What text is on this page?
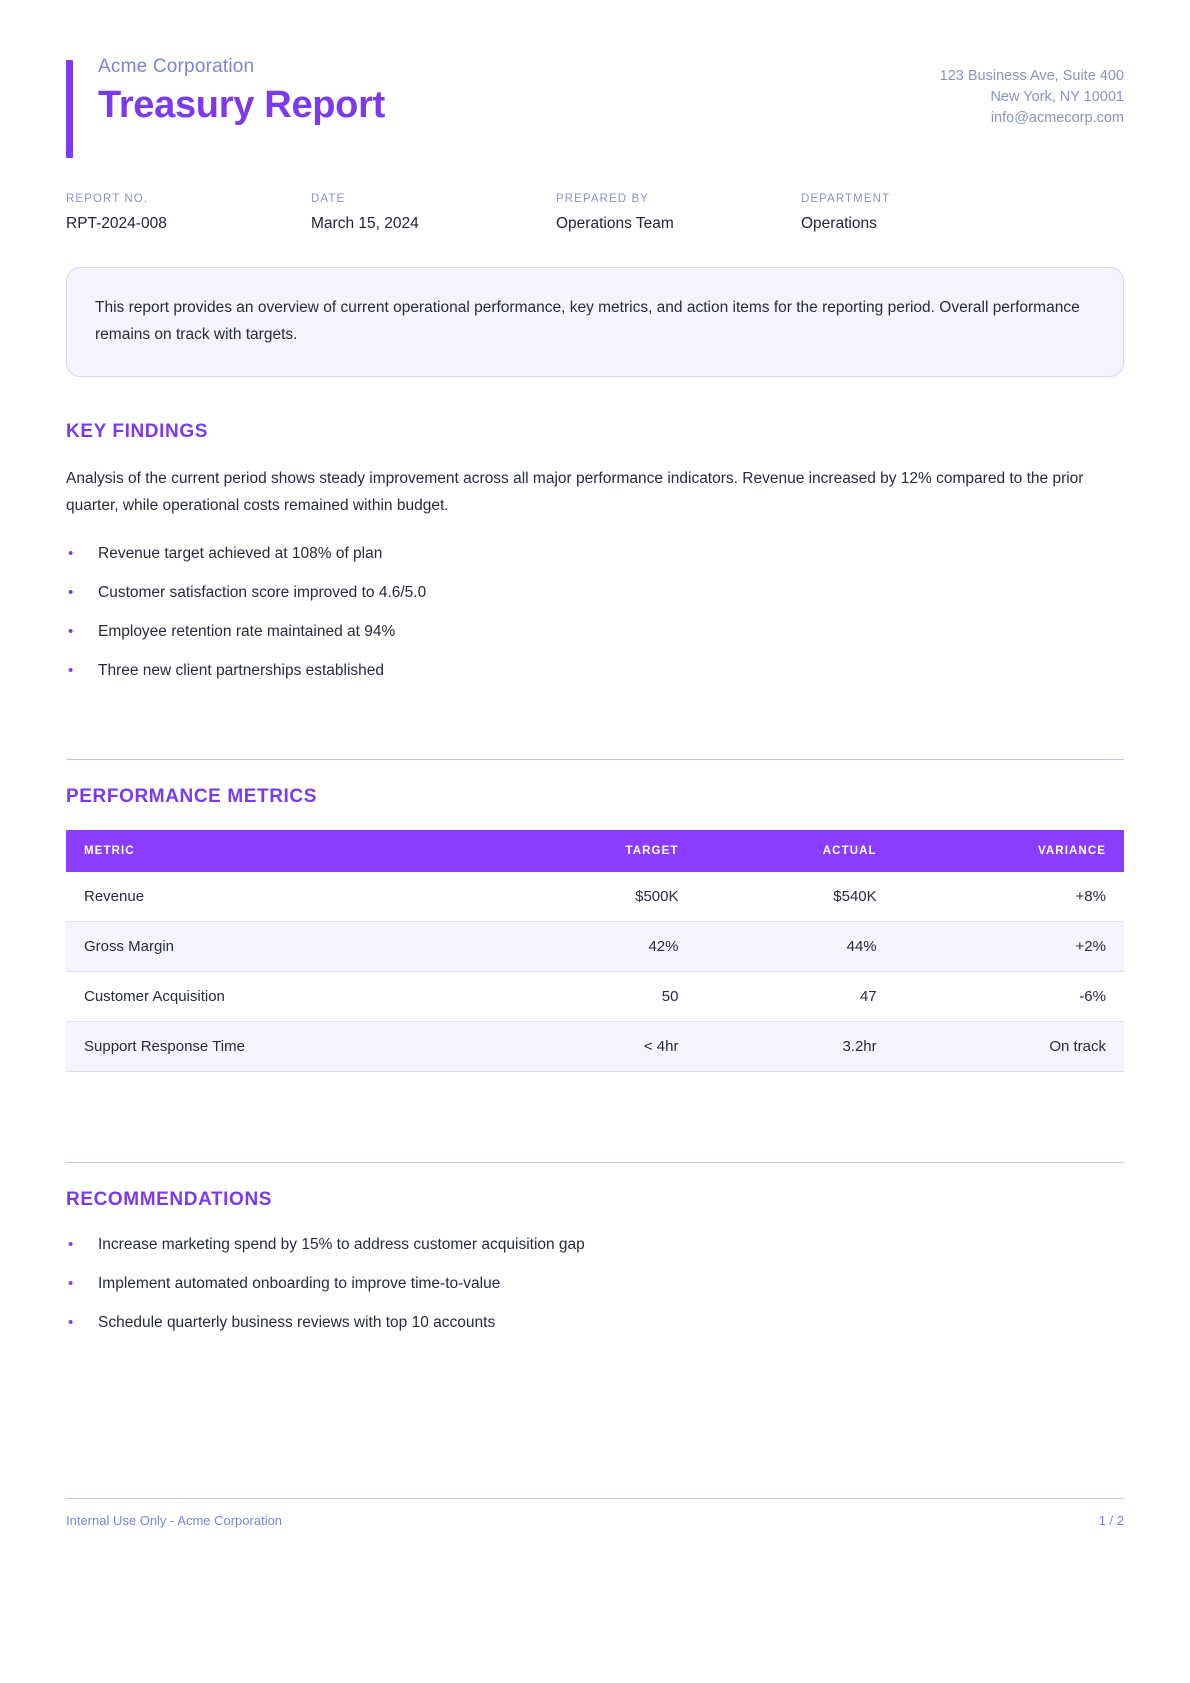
Acme Corporation

Treasury Report
123 Business Ave, Suite 400
New York, NY 10001
info@acmecorp.com
REPORT NO.
RPT-2024-008
DATE
March 15, 2024
PREPARED BY
Operations Team
DEPARTMENT
Operations

This report provides an overview of current operational performance, key metrics, and action items for the reporting period. Overall performance remains on track with targets.

KEY FINDINGS

Analysis of the current period shows steady improvement across all major performance indicators. Revenue increased by 12% compared to the prior quarter, while operational costs remained within budget.

• Revenue target achieved at 108% of plan
• Customer satisfaction score improved to 4.6/5.0
• Employee retention rate maintained at 94%
• Three new client partnerships established
PERFORMANCE METRICS
METRIC	TARGET	ACTUAL	VARIANCE
Revenue	$500K	$540K	+8%
Gross Margin	42%	44%	+2%
Customer Acquisition	50	47	-6%
Support Response Time	< 4hr	3.2hr	On track
RECOMMENDATIONS
• Increase marketing spend by 15% to address customer acquisition gap
• Implement automated onboarding to improve time-to-value
• Schedule quarterly business reviews with top 10 accounts
Internal Use Only - Acme Corporation	1 / 2
